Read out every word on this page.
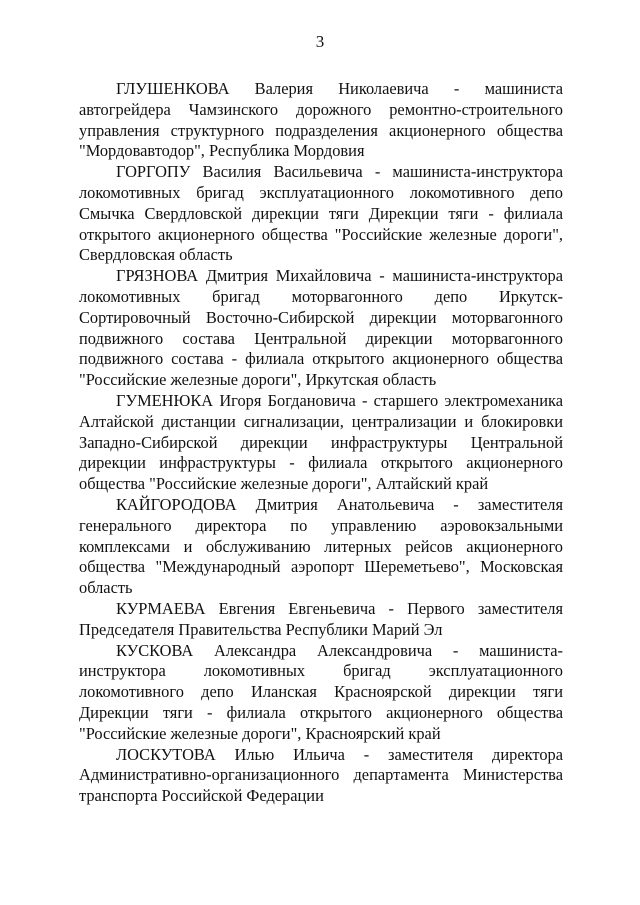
3

ГЛУШЕНКОВА Валерия Николаевича - машиниста автогрейдера Чамзинского дорожного ремонтно-строительного управления структурного подразделения акционерного общества "Мордовавтодор", Республика Мордовия

ГОРГОПУ Василия Васильевича - машиниста-инструктора локомотивных бригад эксплуатационного локомотивного депо Смычка Свердловской дирекции тяги Дирекции тяги - филиала открытого акционерного общества "Российские железные дороги", Свердловская область

ГРЯЗНОВА Дмитрия Михайловича - машиниста-инструктора локомотивных бригад моторвагонного депо Иркутск-Сортировочный Восточно-Сибирской дирекции моторвагонного подвижного состава Центральной дирекции моторвагонного подвижного состава - филиала открытого акционерного общества "Российские железные дороги", Иркутская область

ГУМЕНЮКА Игоря Богдановича - старшего электромеханика Алтайской дистанции сигнализации, централизации и блокировки Западно-Сибирской дирекции инфраструктуры Центральной дирекции инфраструктуры - филиала открытого акционерного общества "Российские железные дороги", Алтайский край

КАЙГОРОДОВА Дмитрия Анатольевича - заместителя генерального директора по управлению аэровокзальными комплексами и обслуживанию литерных рейсов акционерного общества "Международный аэропорт Шереметьево", Московская область

КУРМАЕВА Евгения Евгеньевича - Первого заместителя Председателя Правительства Республики Марий Эл

КУСКОВА Александра Александровича - машиниста-инструктора локомотивных бригад эксплуатационного локомотивного депо Иланская Красноярской дирекции тяги Дирекции тяги - филиала открытого акционерного общества "Российские железные дороги", Красноярский край

ЛОСКУТОВА Илью Ильича - заместителя директора Административно-организационного департамента Министерства транспорта Российской Федерации
